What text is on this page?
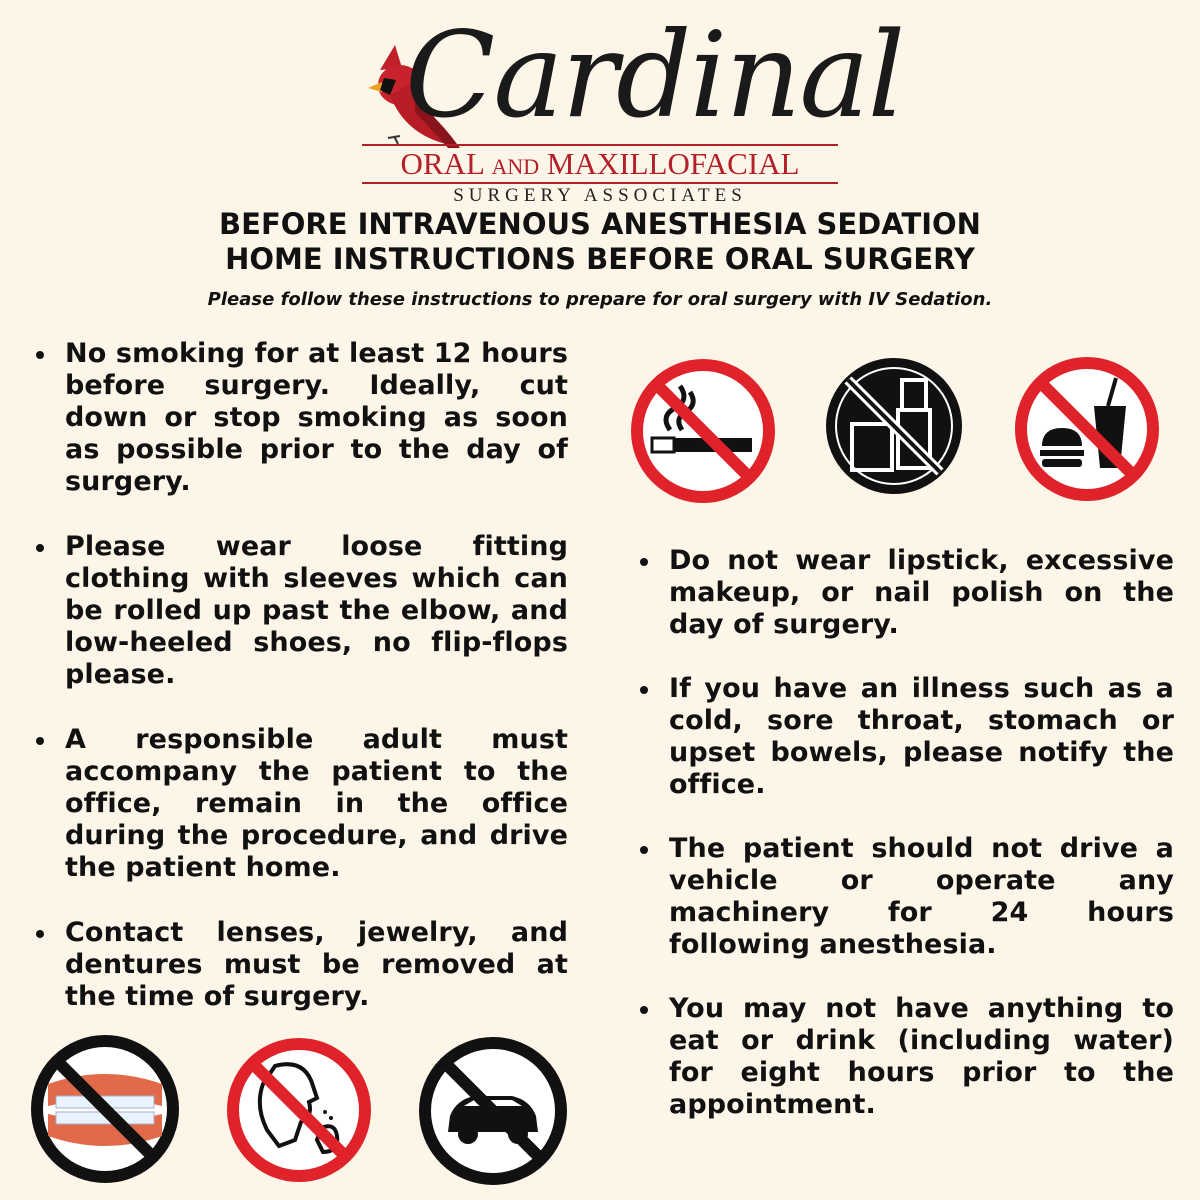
Cardinal
ORAL AND MAXILLOFACIAL
SURGERY ASSOCIATES
BEFORE INTRAVENOUS ANESTHESIA SEDATION
HOME INSTRUCTIONS BEFORE ORAL SURGERY
Please follow these instructions to prepare for oral surgery with IV Sedation.
No smoking for at least 12 hours before surgery. Ideally, cut down or stop smoking as soon as possible prior to the day of surgery.
Please wear loose fitting clothing with sleeves which can be rolled up past the elbow, and low-heeled shoes, no flip-flops please.
A responsible adult must accompany the patient to the office, remain in the office during the procedure, and drive the patient home.
Contact lenses, jewelry, and dentures must be removed at the time of surgery.
Do not wear lipstick, excessive makeup, or nail polish on the day of surgery.
If you have an illness such as a cold, sore throat, stomach or upset bowels, please notify the office.
The patient should not drive a vehicle or operate any machinery for 24 hours following anesthesia.
You may not have anything to eat or drink (including water) for eight hours prior to the appointment.
